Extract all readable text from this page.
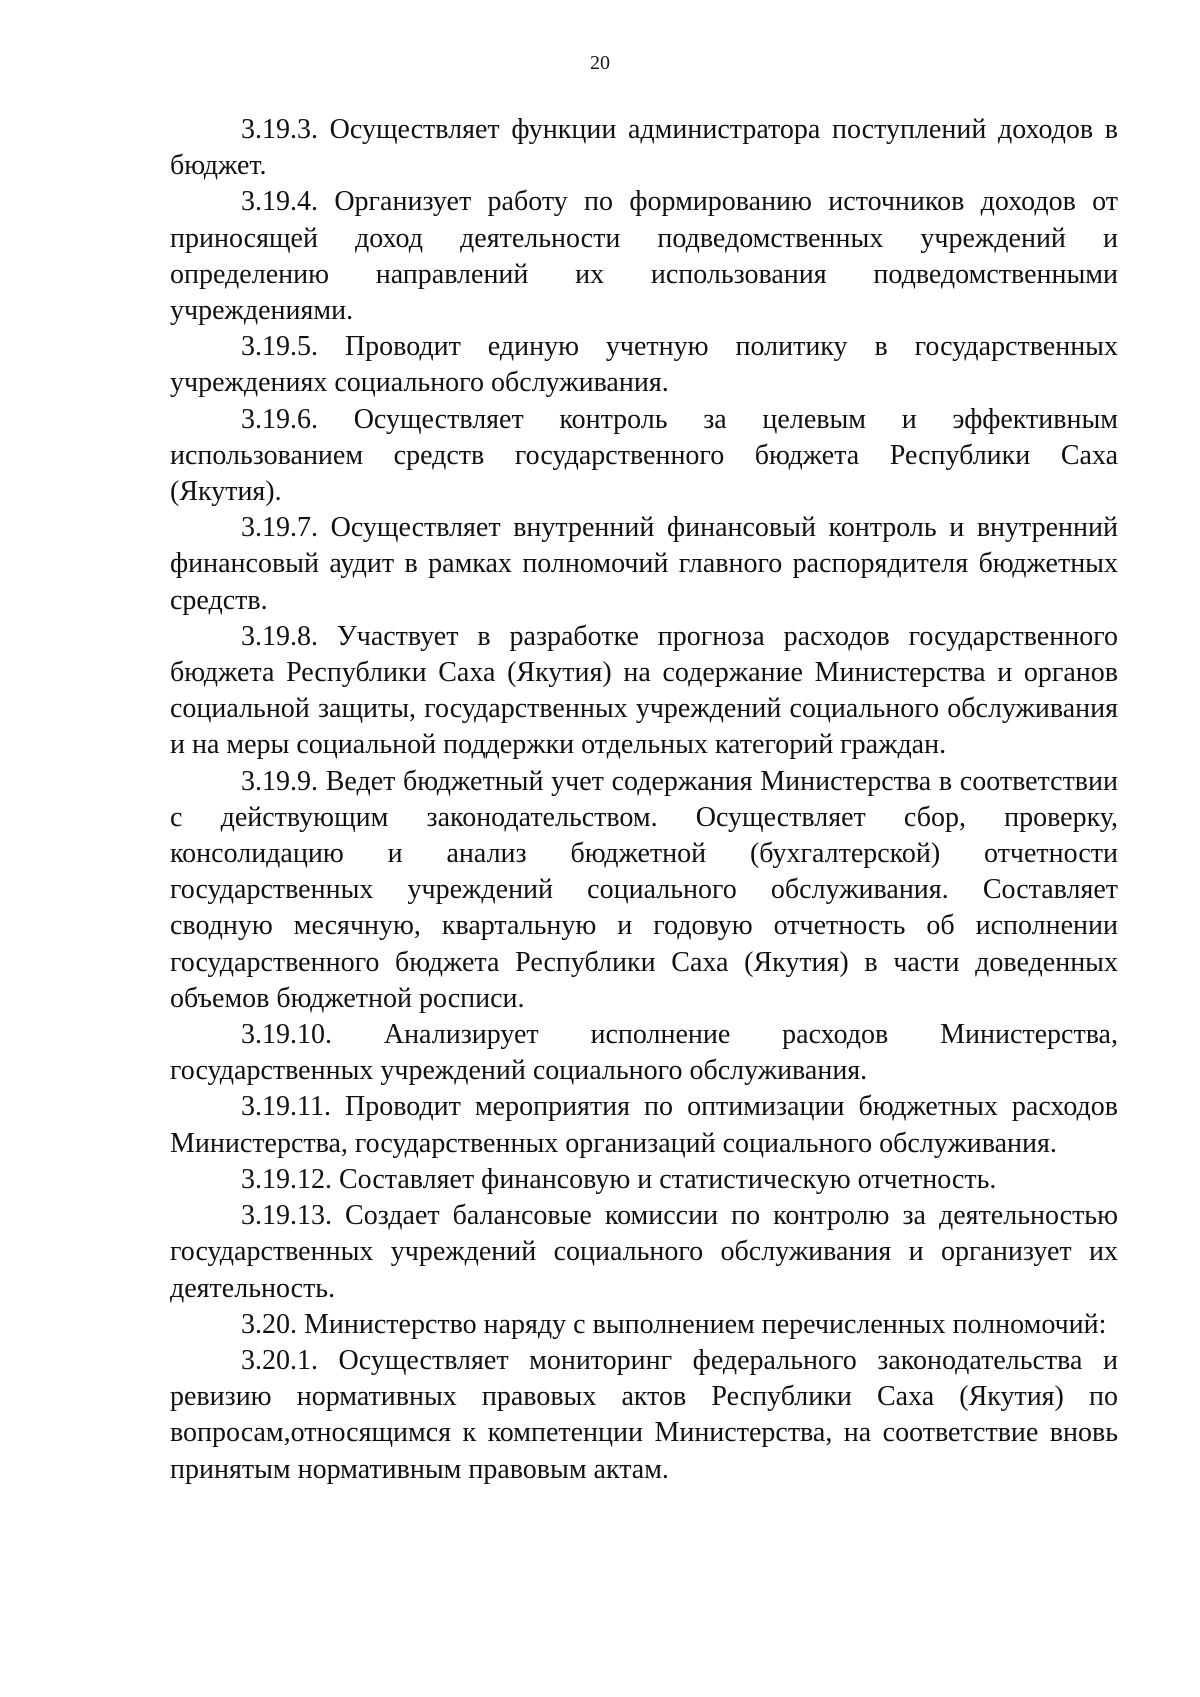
20

3.19.3. Осуществляет функции администратора поступлений доходов в бюджет.

3.19.4. Организует работу по формированию источников доходов от приносящей доход деятельности подведомственных учреждений и определению направлений их использования подведомственными учреждениями.

3.19.5. Проводит единую учетную политику в государственных учреждениях социального обслуживания.

3.19.6. Осуществляет контроль за целевым и эффективным использованием средств государственного бюджета Республики Саха (Якутия).

3.19.7. Осуществляет внутренний финансовый контроль и внутренний финансовый аудит в рамках полномочий главного распорядителя бюджетных средств.

3.19.8. Участвует в разработке прогноза расходов государственного бюджета Республики Саха (Якутия) на содержание Министерства и органов социальной защиты, государственных учреждений социального обслуживания и на меры социальной поддержки отдельных категорий граждан.

3.19.9. Ведет бюджетный учет содержания Министерства в соответствии с действующим законодательством. Осуществляет сбор, проверку, консолидацию и анализ бюджетной (бухгалтерской) отчетности государственных учреждений социального обслуживания. Составляет сводную месячную, квартальную и годовую отчетность об исполнении государственного бюджета Республики Саха (Якутия) в части доведенных объемов бюджетной росписи.

3.19.10. Анализирует исполнение расходов Министерства, государственных учреждений социального обслуживания.

3.19.11. Проводит мероприятия по оптимизации бюджетных расходов Министерства, государственных организаций социального обслуживания.

3.19.12. Составляет финансовую и статистическую отчетность.

3.19.13. Создает балансовые комиссии по контролю за деятельностью государственных учреждений социального обслуживания и организует их деятельность.

3.20. Министерство наряду с выполнением перечисленных полномочий:

3.20.1. Осуществляет мониторинг федерального законодательства и ревизию нормативных правовых актов Республики Саха (Якутия) по вопросам,относящимся к компетенции Министерства, на соответствие вновь принятым нормативным правовым актам.
